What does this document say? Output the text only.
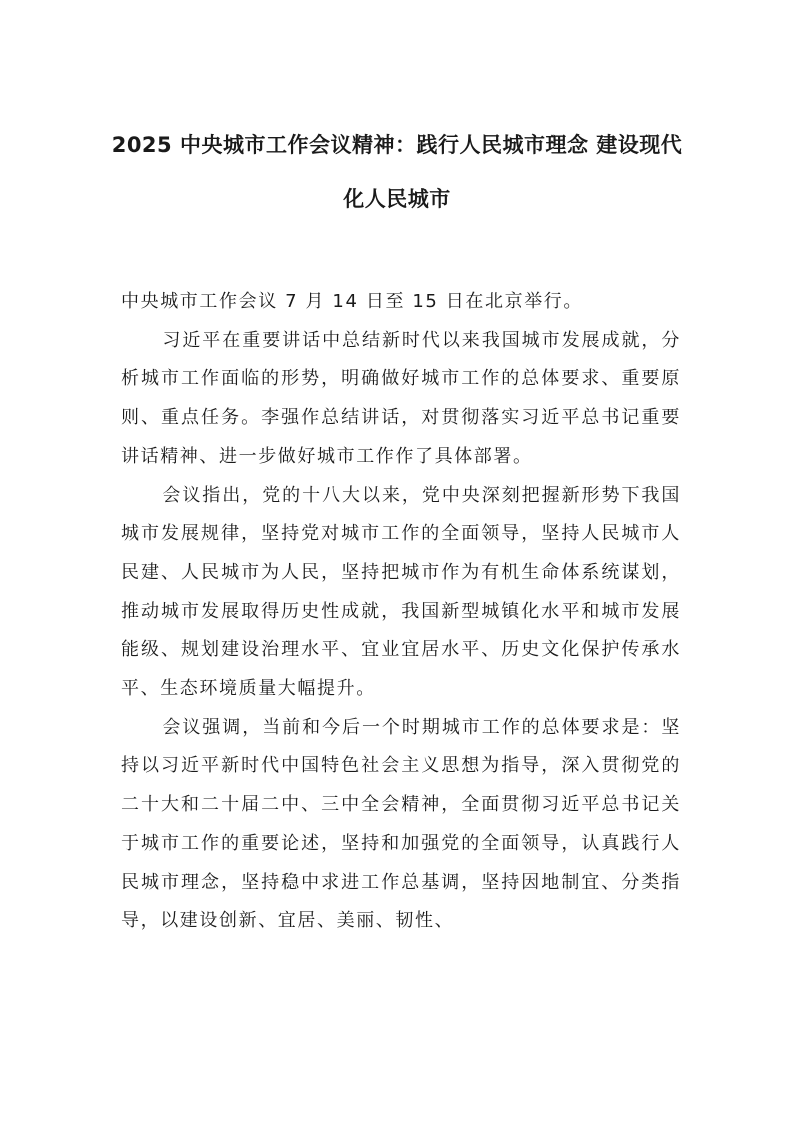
2025 中央城市工作会议精神：践行人民城市理念 建设现代化人民城市

中央城市工作会议 7 月 14 日至 15 日在北京举行。

习近平在重要讲话中总结新时代以来我国城市发展成就，分析城市工作面临的形势，明确做好城市工作的总体要求、重要原则、重点任务。李强作总结讲话，对贯彻落实习近平总书记重要讲话精神、进一步做好城市工作作了具体部署。

会议指出，党的十八大以来，党中央深刻把握新形势下我国城市发展规律，坚持党对城市工作的全面领导，坚持人民城市人民建、人民城市为人民，坚持把城市作为有机生命体系统谋划，推动城市发展取得历史性成就，我国新型城镇化水平和城市发展能级、规划建设治理水平、宜业宜居水平、历史文化保护传承水平、生态环境质量大幅提升。

会议强调，当前和今后一个时期城市工作的总体要求是：坚持以习近平新时代中国特色社会主义思想为指导，深入贯彻党的二十大和二十届二中、三中全会精神，全面贯彻习近平总书记关于城市工作的重要论述，坚持和加强党的全面领导，认真践行人民城市理念，坚持稳中求进工作总基调，坚持因地制宜、分类指导，以建设创新、宜居、美丽、韧性、
